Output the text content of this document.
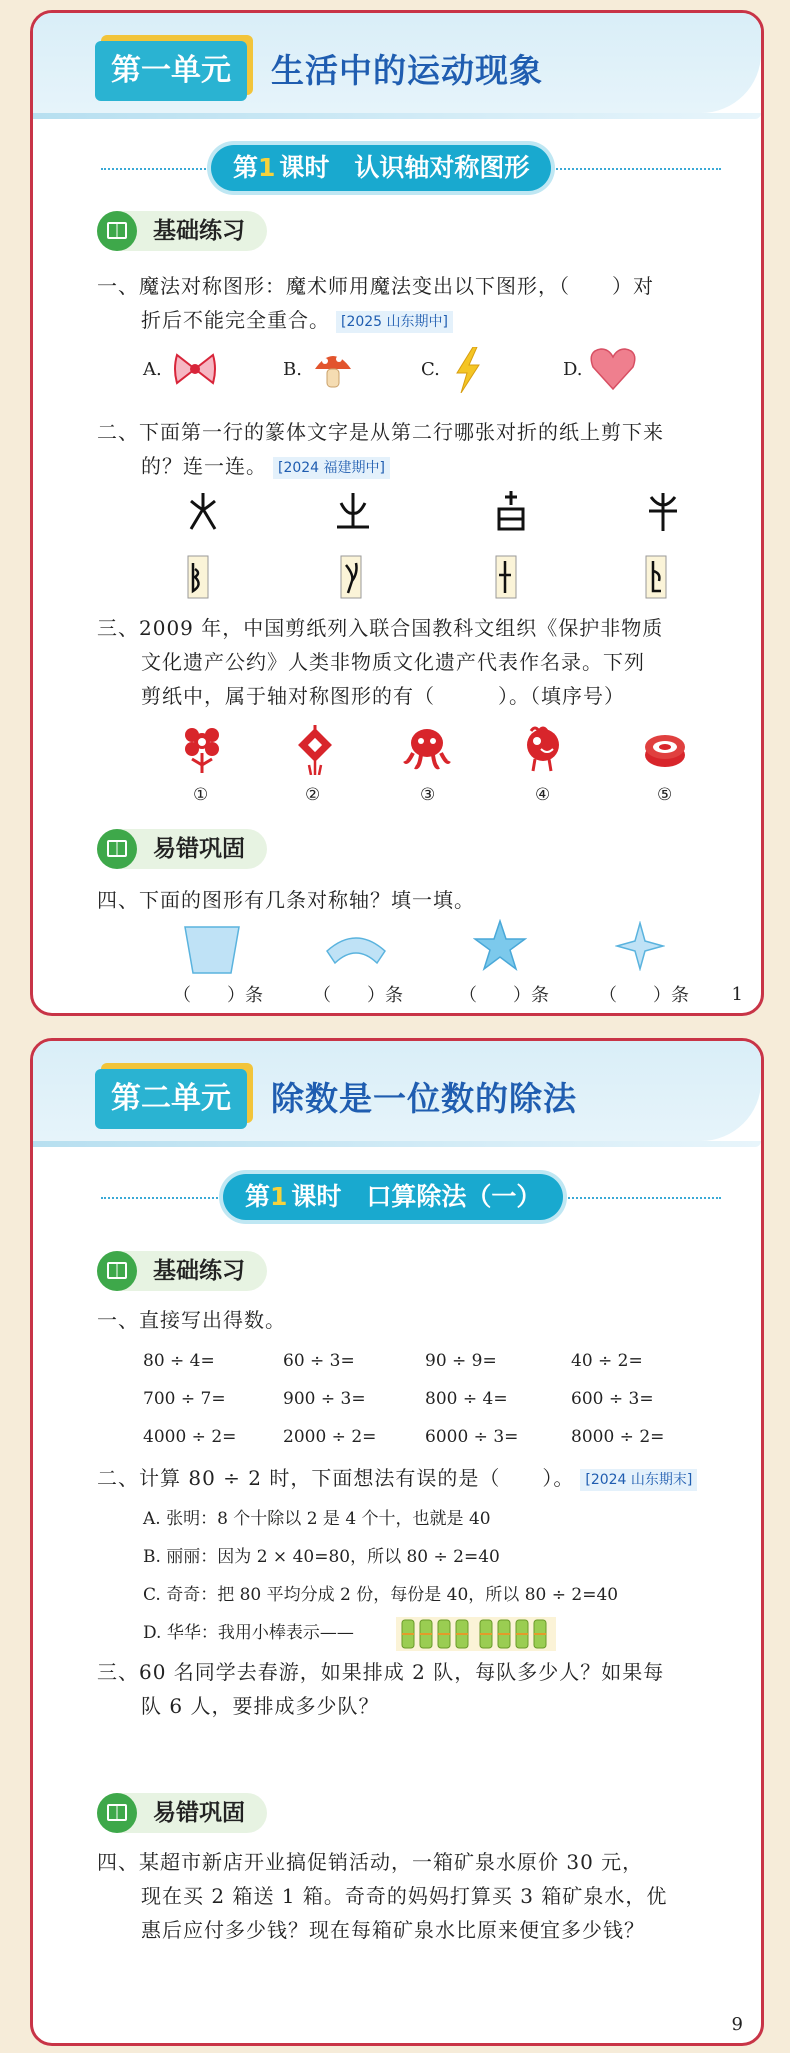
第一单元	生活中的运动现象
第1 课时　认识轴对称图形
基础练习
一、魔法对称图形：魔术师用魔法变出以下图形，（　　）对
折后不能完全重合。 [2025 山东期中]
A.	B.	C.	D.
二、下面第一行的篆体文字是从第二行哪张对折的纸上剪下来
的？连一连。 [2024 福建期中]
三、2009 年，中国剪纸列入联合国教科文组织《保护非物质
文化遗产公约》人类非物质文化遗产代表作名录。下列
剪纸中，属于轴对称图形的有（　　　）。（填序号）
①	②	③	④	⑤
易错巩固
四、下面的图形有几条对称轴？填一填。
（　　）条	（　　）条	（　　）条	（　　）条 1
第二单元	除数是一位数的除法
第1 课时　口算除法（一）
基础练习
一、直接写出得数。
80 ÷ 4=	60 ÷ 3=	90 ÷ 9=	40 ÷ 2=
700 ÷ 7=	900 ÷ 3=	800 ÷ 4=	600 ÷ 3=
4000 ÷ 2=	2000 ÷ 2=	6000 ÷ 3=	8000 ÷ 2=
二、计算 80 ÷ 2 时，下面想法有误的是（　　）。 [2024 山东期末]
A. 张明：8 个十除以 2 是 4 个十，也就是 40
B. 丽丽：因为 2 × 40=80，所以 80 ÷ 2=40
C. 奇奇：把 80 平均分成 2 份，每份是 40，所以 80 ÷ 2=40
D. 华华：我用小棒表示——
三、60 名同学去春游，如果排成 2 队，每队多少人？如果每
队 6 人，要排成多少队？
易错巩固
四、某超市新店开业搞促销活动，一箱矿泉水原价 30 元，
现在买 2 箱送 1 箱。奇奇的妈妈打算买 3 箱矿泉水，优
惠后应付多少钱？现在每箱矿泉水比原来便宜多少钱？
9
